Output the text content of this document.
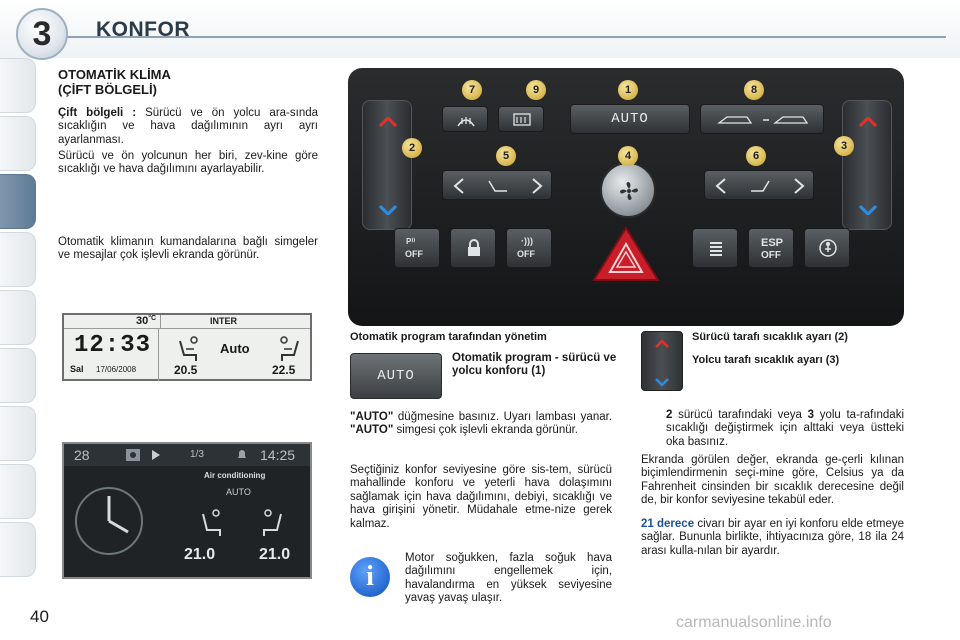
3 KONFOR
OTOMATİK KLİMA
(ÇİFT BÖLGELİ)
Çift bölgeli : Sürücü ve ön yolcu ara-sında sıcaklığın ve hava dağılımının ayrı ayrı ayarlanması.
Sürücü ve ön yolcunun her biri, zev-kine göre sıcaklığı ve hava dağılımını ayarlayabilir.
Otomatik klimanın kumandalarına bağlı simgeler ve mesajlar çok işlevli ekranda görünür.
$30^{^\circ C}$	INTER
12:33
Sal 17/06/2008
Auto
20.5	22.5
28	1/3	14:25
Air conditioning
AUTO
21.0	21.0
AUTO
P⁾⁾
OFF
·)))
OFF
ESP
OFF
7	9	1	8
2
5	4	6
3
Otomatik program tarafından yönetim
Otomatik program - sürücü ve yolcu konforu (1)
Sürücü tarafı sıcaklık ayarı (2)
Yolcu tarafı sıcaklık ayarı (3)
AUTO
"AUTO" düğmesine basınız. Uyarı lambası yanar. "AUTO" simgesi çok işlevli ekranda görünür.
Seçtiğiniz konfor seviyesine göre sis-tem, sürücü mahallinde konforu ve yeterli hava dolaşımını sağlamak için hava dağılımını, debiyi, sıcaklığı ve hava girişini yönetir. Müdahale etme-nize gerek kalmaz.
i
Motor soğukken, fazla soğuk hava dağılımını engellemek için, havalandırma en yüksek seviyesine yavaş yavaş ulaşır.
2 sürücü tarafındaki veya 3 yolu ta-rafındaki sıcaklığı değiştirmek için alttaki veya üstteki oka basınız.
Ekranda görülen değer, ekranda ge-çerli kılınan biçimlendirmenin seçi-mine göre, Celsius ya da Fahrenheit cinsinden bir sıcaklık derecesine değil de, bir konfor seviyesine tekabül eder.
21 derece civarı bir ayar en iyi konforu elde etmeye sağlar. Bununla birlikte, ihtiyacınıza göre, 18 ila 24 arası kulla-nılan bir ayardır.
40	carmanualsonline.info
